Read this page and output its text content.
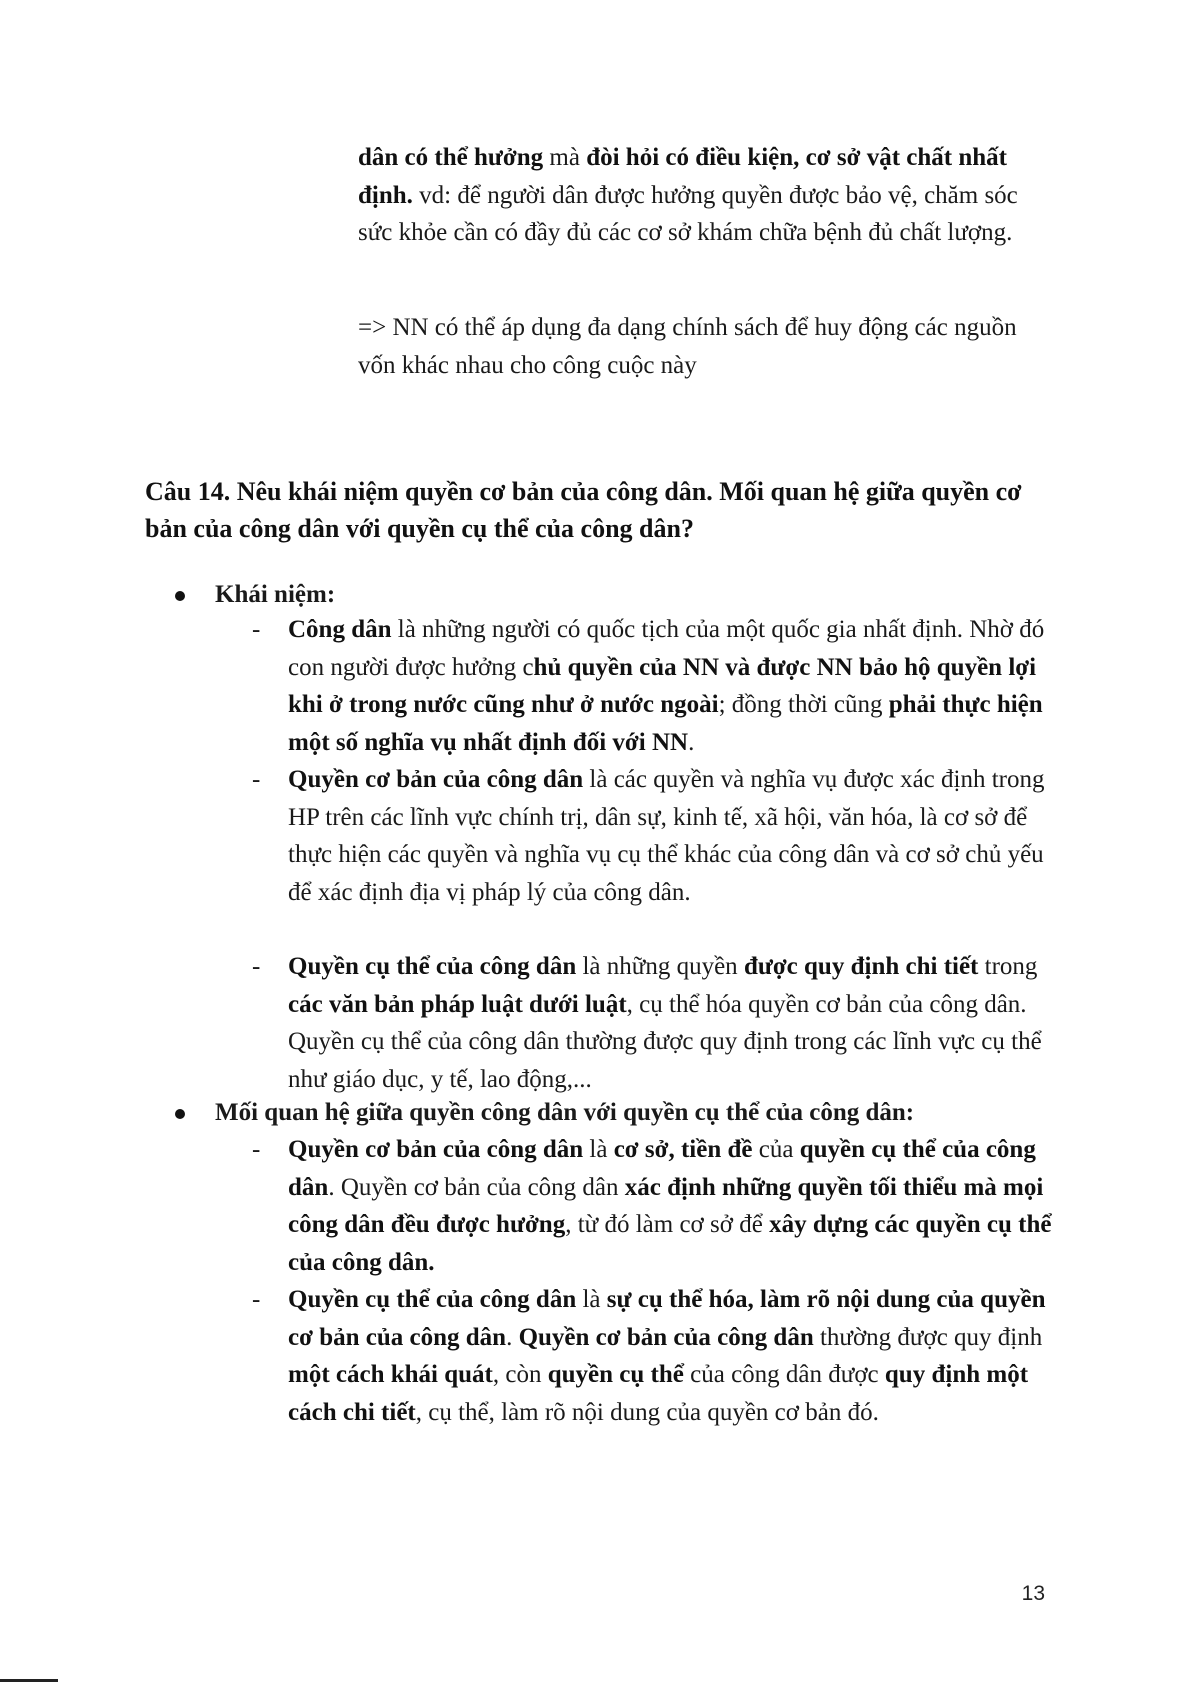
dân có thể hưởng mà đòi hỏi có điều kiện, cơ sở vật chất nhất định. vd: để người dân được hưởng quyền được bảo vệ, chăm sóc sức khỏe cần có đầy đủ các cơ sở khám chữa bệnh đủ chất lượng.

=> NN có thể áp dụng đa dạng chính sách để huy động các nguồn vốn khác nhau cho công cuộc này

Câu 14. Nêu khái niệm quyền cơ bản của công dân. Mối quan hệ giữa quyền cơ bản của công dân với quyền cụ thể của công dân?

Khái niệm:
- Công dân là những người có quốc tịch của một quốc gia nhất định. Nhờ đó con người được hưởng chủ quyền của NN và được NN bảo hộ quyền lợi khi ở trong nước cũng như ở nước ngoài; đồng thời cũng phải thực hiện một số nghĩa vụ nhất định đối với NN.
- Quyền cơ bản của công dân là các quyền và nghĩa vụ được xác định trong HP trên các lĩnh vực chính trị, dân sự, kinh tế, xã hội, văn hóa, là cơ sở để thực hiện các quyền và nghĩa vụ cụ thể khác của công dân và cơ sở chủ yếu để xác định địa vị pháp lý của công dân.
- Quyền cụ thể của công dân là những quyền được quy định chi tiết trong các văn bản pháp luật dưới luật, cụ thể hóa quyền cơ bản của công dân. Quyền cụ thể của công dân thường được quy định trong các lĩnh vực cụ thể như giáo dục, y tế, lao động,...
Mối quan hệ giữa quyền công dân với quyền cụ thể của công dân:
- Quyền cơ bản của công dân là cơ sở, tiền đề của quyền cụ thể của công dân. Quyền cơ bản của công dân xác định những quyền tối thiểu mà mọi công dân đều được hưởng, từ đó làm cơ sở để xây dựng các quyền cụ thể của công dân.
- Quyền cụ thể của công dân là sự cụ thể hóa, làm rõ nội dung của quyền cơ bản của công dân. Quyền cơ bản của công dân thường được quy định một cách khái quát, còn quyền cụ thể của công dân được quy định một cách chi tiết, cụ thể, làm rõ nội dung của quyền cơ bản đó.
13
